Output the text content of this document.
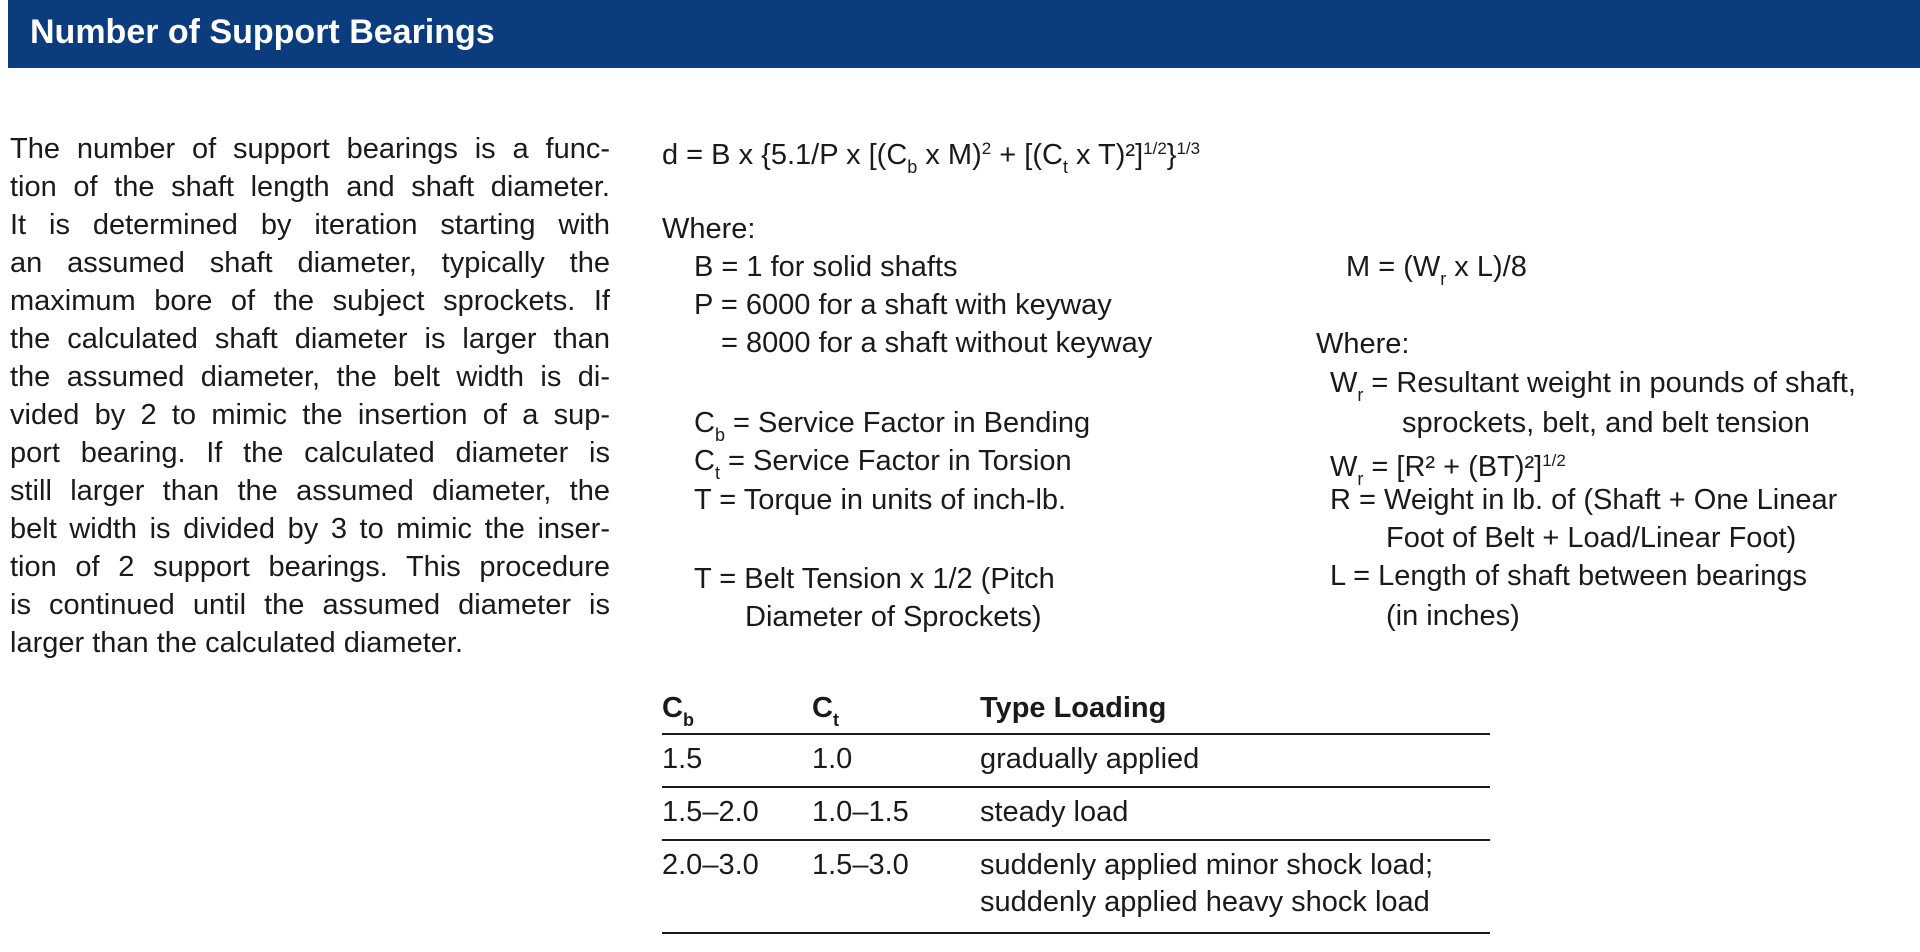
Number of Support Bearings
The number of support bearings is a func-
tion of the shaft length and shaft diameter.
It is determined by iteration starting with
an assumed shaft diameter, typically the
maximum bore of the subject sprockets. If
the calculated shaft diameter is larger than
the assumed diameter, the belt width is di-
vided by 2 to mimic the insertion of a sup-
port bearing. If the calculated diameter is
still larger than the assumed diameter, the
belt width is divided by 3 to mimic the inser-
tion of 2 support bearings. This procedure
is continued until the assumed diameter is
larger than the calculated diameter.
d = B x {5.1/P x [($C_b$ x $M)^2 + [(C_t$ x T)²]$^{1/2}$}$^{1/3}$
Where:
B = 1 for solid shafts
P = 6000 for a shaft with keyway
= 8000 for a shaft without keyway
$C_b$ = Service Factor in Bending
$C_t$ = Service Factor in Torsion
T = Torque in units of inch-lb.
T = Belt Tension x 1/2 (Pitch
Diameter of Sprockets)
$M = (W_r$ x L)/8
Where:
$W_r$ = Resultant weight in pounds of shaft,
sprockets, belt, and belt tension
$W_r = [R^2 + (BT)^2]^{1/2}$
R = Weight in lb. of (Shaft + One Linear
Foot of Belt + Load/Linear Foot)
L = Length of shaft between bearings
(in inches)
$C_b$	$C_t$	Type Loading
1.5	1.0	gradually applied
1.5–2.0 1.0–1.5 steady load
2.0–3.0 1.5–3.0 suddenly applied minor shock load;
suddenly applied heavy shock load
